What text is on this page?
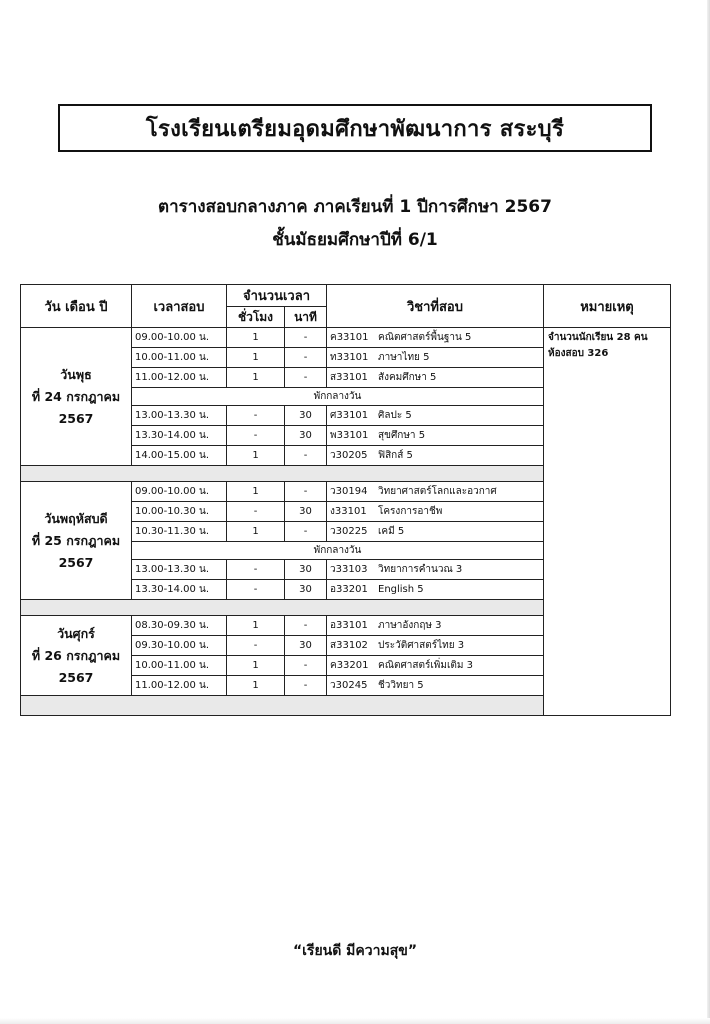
โรงเรียนเตรียมอุดมศึกษาพัฒนาการ สระบุรี
ตารางสอบกลางภาค ภาคเรียนที่ 1 ปีการศึกษา 2567
ชั้นมัธยมศึกษาปีที่ 6/1
วัน เดือน ปี	เวลาสอบ	จำนวนเวลา		วิชาที่สอบ	หมายเหตุ
		ชั่วโมง	นาที		
วันพุธ
ที่ 24 กรกฎาคม
2567	09.00-10.00 น.	1	-	ค33101 คณิตศาสตร์พื้นฐาน 5	จำนวนนักเรียน 28 คน
ห้องสอบ 326
	10.00-11.00 น.	1	-	ท33101 ภาษาไทย 5	
	11.00-12.00 น.	1	-	ส33101 สังคมศึกษา 5	
	พักกลางวัน				
	13.00-13.30 น.	-	30	ศ33101 ศิลปะ 5	
	13.30-14.00 น.	-	30	พ33101 สุขศึกษา 5	
	14.00-15.00 น.	1	-	ว30205 ฟิสิกส์ 5	

วันพฤหัสบดี
ที่ 25 กรกฎาคม
2567	09.00-10.00 น.	1	-	ว30194 วิทยาศาสตร์โลกและอวกาศ	
	10.00-10.30 น.	-	30	ง33101 โครงการอาชีพ	
	10.30-11.30 น.	1	-	ว30225 เคมี 5	
	พักกลางวัน				
	13.00-13.30 น.	-	30	ว33103 วิทยาการคำนวณ 3	
	13.30-14.00 น.	-	30	อ33201 English 5	

วันศุกร์
ที่ 26 กรกฎาคม
2567	08.30-09.30 น.	1	-	อ33101 ภาษาอังกฤษ 3	
	09.30-10.00 น.	-	30	ส33102 ประวัติศาสตร์ไทย 3	
	10.00-11.00 น.	1	-	ค33201 คณิตศาสตร์เพิ่มเติม 3	
	11.00-12.00 น.	1	-	ว30245 ชีววิทยา 5	

“เรียนดี มีความสุข”
